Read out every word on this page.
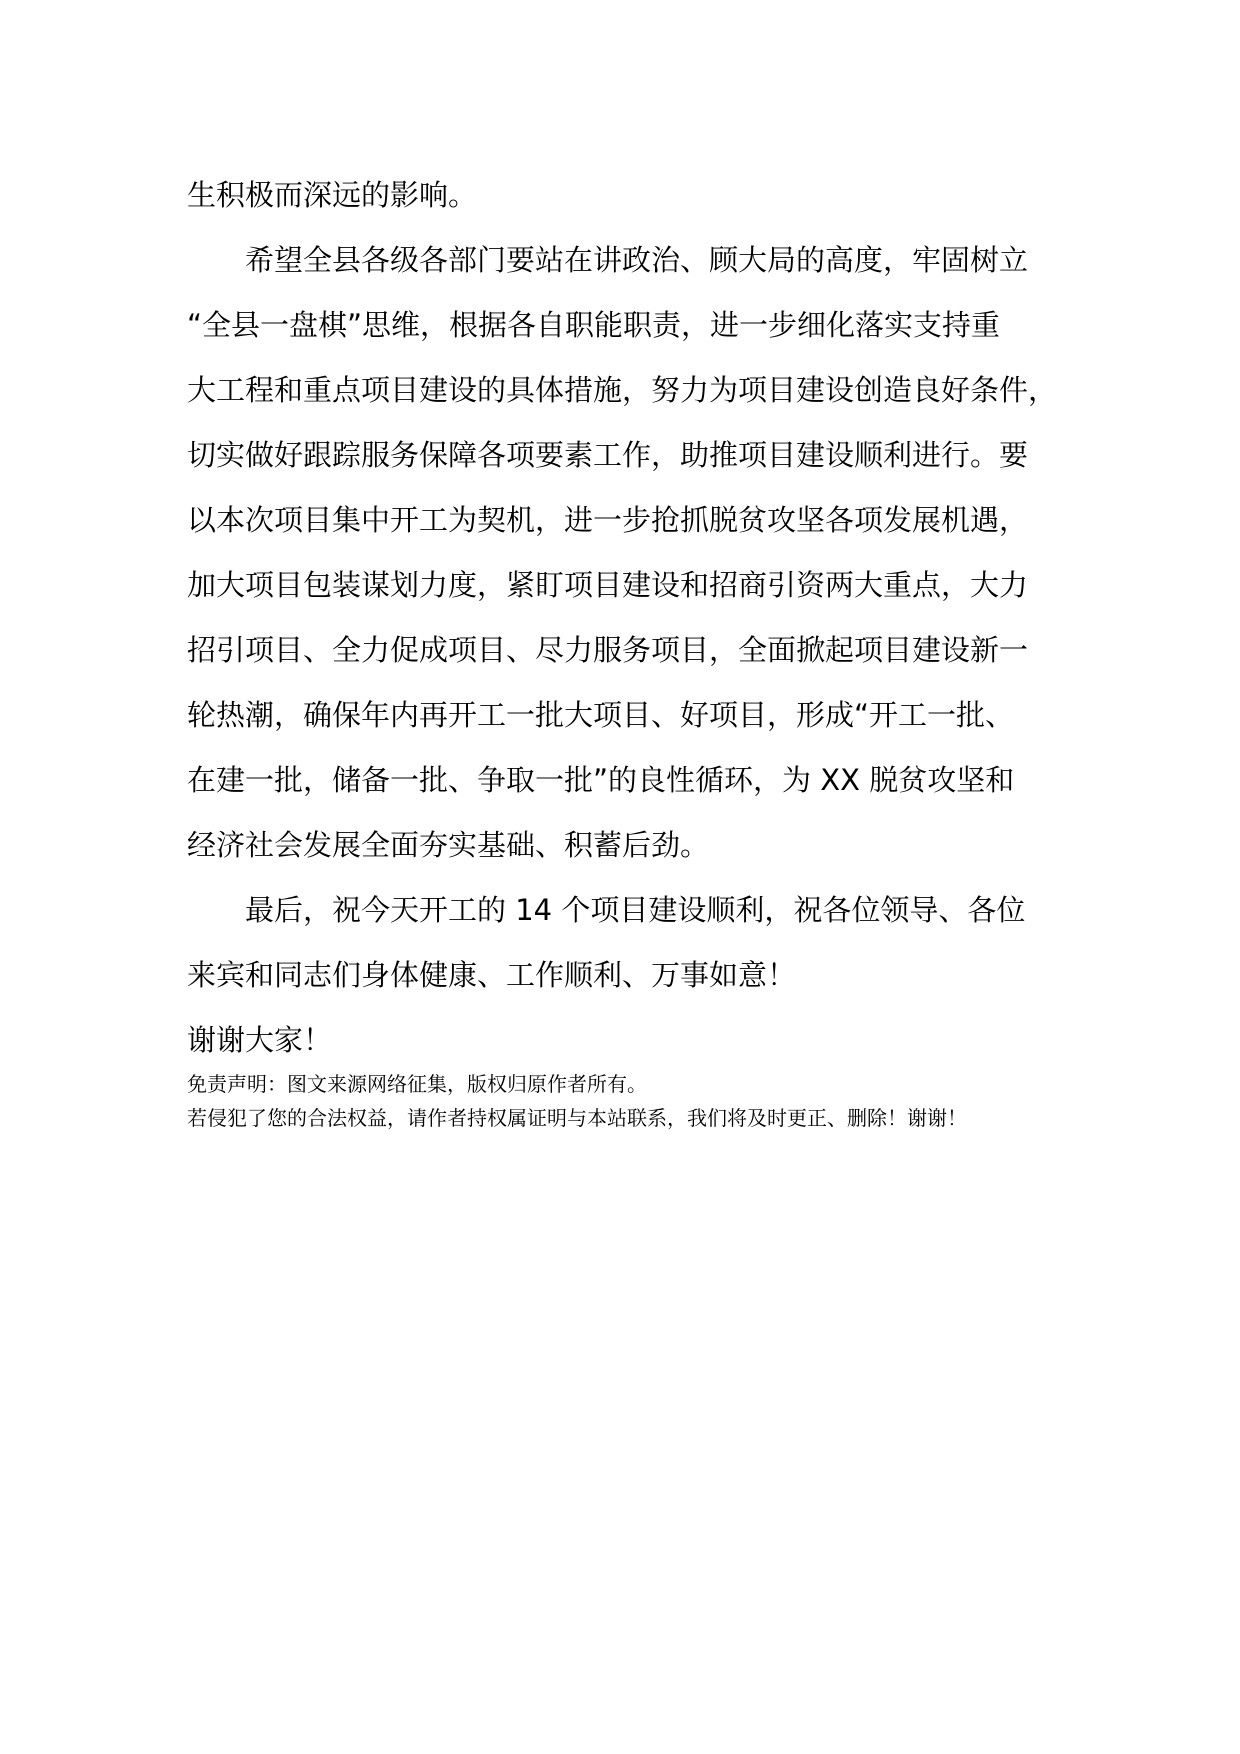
生积极而深远的影响。
　　希望全县各级各部门要站在讲政治、顾大局的高度，牢固树立
“全县一盘棋”思维，根据各自职能职责，进一步细化落实支持重
大工程和重点项目建设的具体措施，努力为项目建设创造良好条件，
切实做好跟踪服务保障各项要素工作，助推项目建设顺利进行。要
以本次项目集中开工为契机，进一步抢抓脱贫攻坚各项发展机遇，
加大项目包装谋划力度，紧盯项目建设和招商引资两大重点，大力
招引项目、全力促成项目、尽力服务项目，全面掀起项目建设新一
轮热潮，确保年内再开工一批大项目、好项目，形成“开工一批、
在建一批，储备一批、争取一批”的良性循环，为 XX 脱贫攻坚和
经济社会发展全面夯实基础、积蓄后劲。
　　最后，祝今天开工的 14 个项目建设顺利，祝各位领导、各位
来宾和同志们身体健康、工作顺利、万事如意！
谢谢大家！
免责声明：图文来源网络征集，版权归原作者所有。
若侵犯了您的合法权益，请作者持权属证明与本站联系，我们将及时更正、删除！谢谢！
